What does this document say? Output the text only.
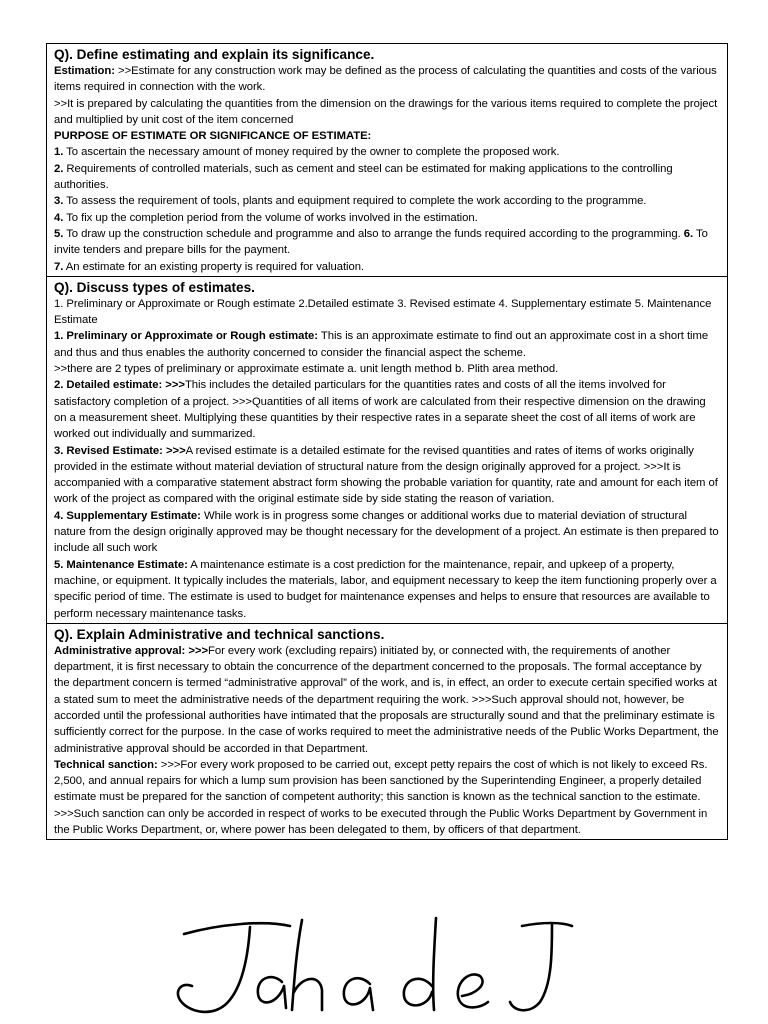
Q). Define estimating and explain its significance.

Estimation: >>Estimate for any construction work may be defined as the process of calculating the quantities and costs of the various items required in connection with the work.

>>It is prepared by calculating the quantities from the dimension on the drawings for the various items required to complete the project and multiplied by unit cost of the item concerned

PURPOSE OF ESTIMATE OR SIGNIFICANCE OF ESTIMATE:

1. To ascertain the necessary amount of money required by the owner to complete the proposed work.

2. Requirements of controlled materials, such as cement and steel can be estimated for making applications to the controlling authorities.

3. To assess the requirement of tools, plants and equipment required to complete the work according to the programme.

4. To fix up the completion period from the volume of works involved in the estimation.

5. To draw up the construction schedule and programme and also to arrange the funds required according to the programming. 6. To invite tenders and prepare bills for the payment.

7. An estimate for an existing property is required for valuation.

Q). Discuss types of estimates.

1. Preliminary or Approximate or Rough estimate 2.Detailed estimate 3. Revised estimate 4. Supplementary estimate 5. Maintenance Estimate

1. Preliminary or Approximate or Rough estimate: This is an approximate estimate to find out an approximate cost in a short time and thus and thus enables the authority concerned to consider the financial aspect the scheme.

>>there are 2 types of preliminary or approximate estimate a. unit length method b. Plith area method.

2. Detailed estimate: >>>This includes the detailed particulars for the quantities rates and costs of all the items involved for satisfactory completion of a project. >>>Quantities of all items of work are calculated from their respective dimension on the drawing on a measurement sheet. Multiplying these quantities by their respective rates in a separate sheet the cost of all items of work are worked out individually and summarized.

3. Revised Estimate: >>>A revised estimate is a detailed estimate for the revised quantities and rates of items of works originally provided in the estimate without material deviation of structural nature from the design originally approved for a project. >>>It is accompanied with a comparative statement abstract form showing the probable variation for quantity, rate and amount for each item of work of the project as compared with the original estimate side by side stating the reason of variation.

4. Supplementary Estimate: While work is in progress some changes or additional works due to material deviation of structural nature from the design originally approved may be thought necessary for the development of a project. An estimate is then prepared to include all such work

5. Maintenance Estimate: A maintenance estimate is a cost prediction for the maintenance, repair, and upkeep of a property, machine, or equipment. It typically includes the materials, labor, and equipment necessary to keep the item functioning properly over a specific period of time. The estimate is used to budget for maintenance expenses and helps to ensure that resources are available to perform necessary maintenance tasks.

Q). Explain Administrative and technical sanctions.

Administrative approval: >>>For every work (excluding repairs) initiated by, or connected with, the requirements of another department, it is first necessary to obtain the concurrence of the department concerned to the proposals. The formal acceptance by the department concern is termed “administrative approval” of the work, and is, in effect, an order to execute certain specified works at a stated sum to meet the administrative needs of the department requiring the work. >>>Such approval should not, however, be accorded until the professional authorities have intimated that the proposals are structurally sound and that the preliminary estimate is sufficiently correct for the purpose. In the case of works required to meet the administrative needs of the Public Works Department, the administrative approval should be accorded in that Department.

Technical sanction: >>>For every work proposed to be carried out, except petty repairs the cost of which is not likely to exceed Rs. 2,500, and annual repairs for which a lump sum provision has been sanctioned by the Superintending Engineer, a properly detailed estimate must be prepared for the sanction of competent authority; this sanction is known as the technical sanction to the estimate. >>>Such sanction can only be accorded in respect of works to be executed through the Public Works Department by Government in the Public Works Department, or, where power has been delegated to them, by officers of that department.
